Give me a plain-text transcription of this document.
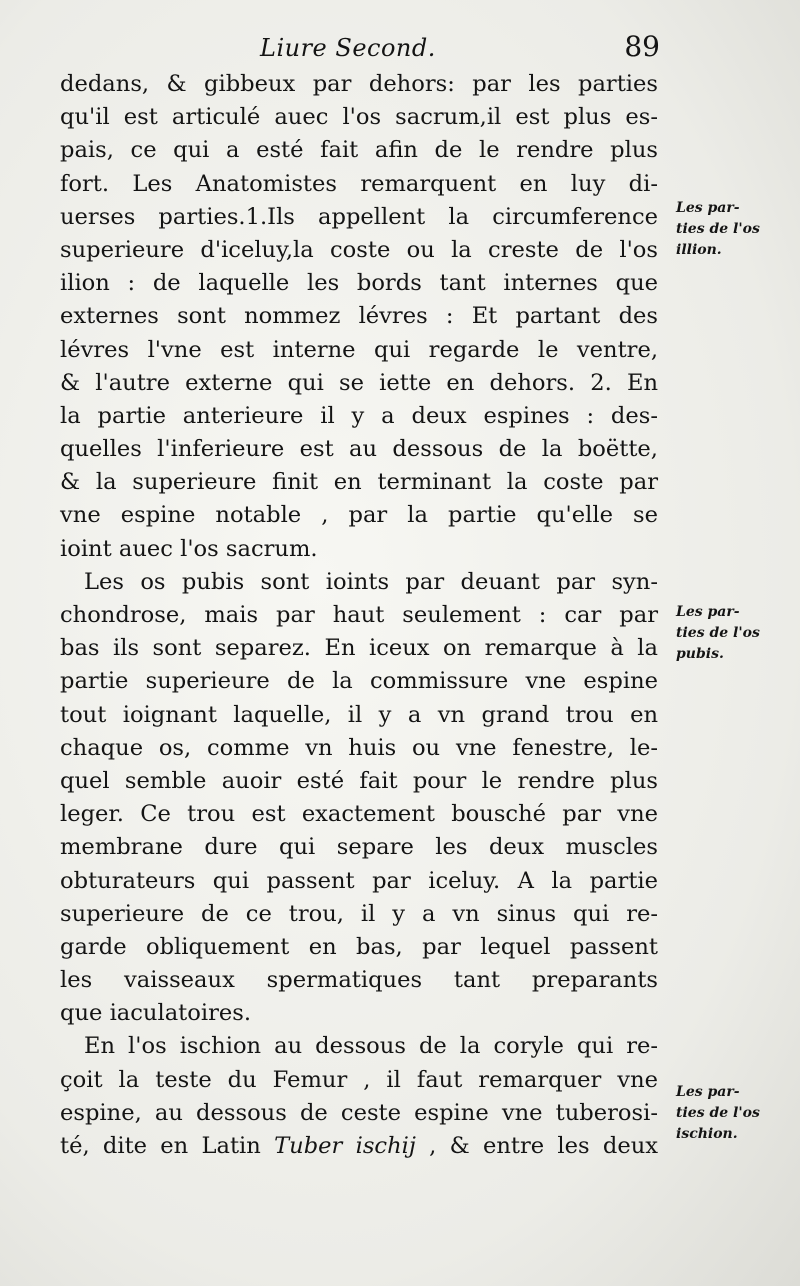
Liure Second.	89
dedans, & gibbeux par dehors: par les parties
qu'il est articulé auec l'os sacrum,il est plus es-
pais, ce qui a esté fait afin de le rendre plus
fort. Les Anatomistes remarquent en luy di-
uerses parties.1.Ils appellent la circumference
superieure d'iceluy,la coste ou la creste de l'os
ilion : de laquelle les bords tant internes que
externes sont nommez lévres : Et partant des
lévres l'vne est interne qui regarde le ventre,
& l'autre externe qui se iette en dehors. 2. En
la partie anterieure il y a deux espines : des-
quelles l'inferieure est au dessous de la boëtte,
& la superieure finit en terminant la coste par
vne espine notable , par la partie qu'elle se
ioint auec l'os sacrum.
Les os pubis sont ioints par deuant par syn-
chondrose, mais par haut seulement : car par
bas ils sont separez. En iceux on remarque à la
partie superieure de la commissure vne espine
tout ioignant laquelle, il y a vn grand trou en
chaque os, comme vn huis ou vne fenestre, le-
quel semble auoir esté fait pour le rendre plus
leger. Ce trou est exactement bousché par vne
membrane dure qui separe les deux muscles
obturateurs qui passent par iceluy. A la partie
superieure de ce trou, il y a vn sinus qui re-
garde obliquement en bas, par lequel passent
les vaisseaux spermatiques tant preparants
que iaculatoires.
En l'os ischion au dessous de la coryle qui re-
çoit la teste du Femur , il faut remarquer vne
espine, au dessous de ceste espine vne tuberosi-
té, dite en Latin Tuber ischij , & entre les deux
Les par-
ties de l'os
illion.
Les par-
ties de l'os
pubis.
Les par-
ties de l'os
ischion.
